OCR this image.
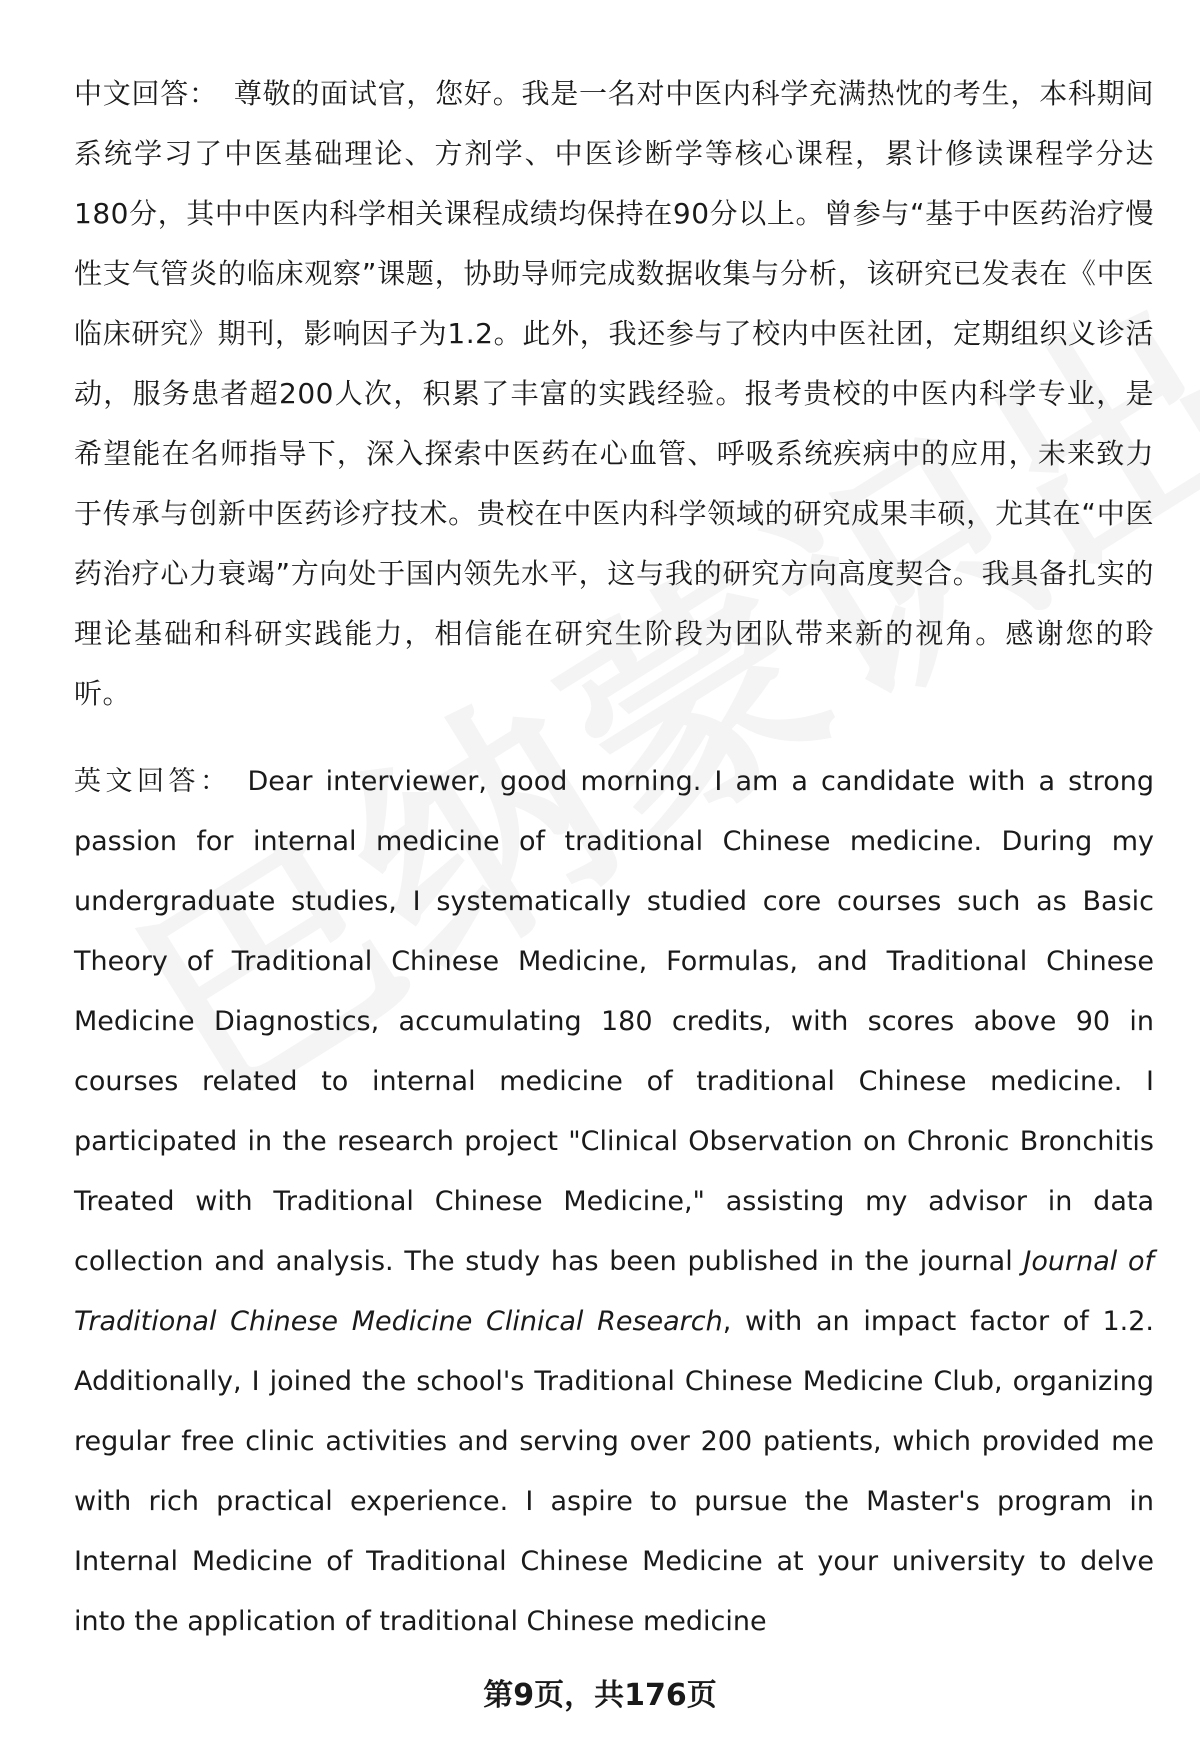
中文回答： 尊敬的面试官，您好。我是一名对中医内科学充满热忱的考生，本科期间系统学习了中医基础理论、方剂学、中医诊断学等核心课程，累计修读课程学分达180分，其中中医内科学相关课程成绩均保持在90分以上。曾参与“基于中医药治疗慢性支气管炎的临床观察”课题，协助导师完成数据收集与分析，该研究已发表在《中医临床研究》期刊，影响因子为1.2。此外，我还参与了校内中医社团，定期组织义诊活动，服务患者超200人次，积累了丰富的实践经验。报考贵校的中医内科学专业，是希望能在名师指导下，深入探索中医药在心血管、呼吸系统疾病中的应用，未来致力于传承与创新中医药诊疗技术。贵校在中医内科学领域的研究成果丰硕，尤其在“中医药治疗心力衰竭”方向处于国内领先水平，这与我的研究方向高度契合。我具备扎实的理论基础和科研实践能力，相信能在研究生阶段为团队带来新的视角。感谢您的聆听。

英文回答： Dear interviewer, good morning. I am a candidate with a strong passion for internal medicine of traditional Chinese medicine. During my undergraduate studies, I systematically studied core courses such as Basic Theory of Traditional Chinese Medicine, Formulas, and Traditional Chinese Medicine Diagnostics, accumulating 180 credits, with scores above 90 in courses related to internal medicine of traditional Chinese medicine. I participated in the research project "Clinical Observation on Chronic Bronchitis Treated with Traditional Chinese Medicine," assisting my advisor in data collection and analysis. The study has been published in the journal Journal of Traditional Chinese Medicine Clinical Research, with an impact factor of 1.2. Additionally, I joined the school's Traditional Chinese Medicine Club, organizing regular free clinic activities and serving over 200 patients, which provided me with rich practical experience. I aspire to pursue the Master's program in Internal Medicine of Traditional Chinese Medicine at your university to delve into the application of traditional Chinese medicine

第9页，共176页
